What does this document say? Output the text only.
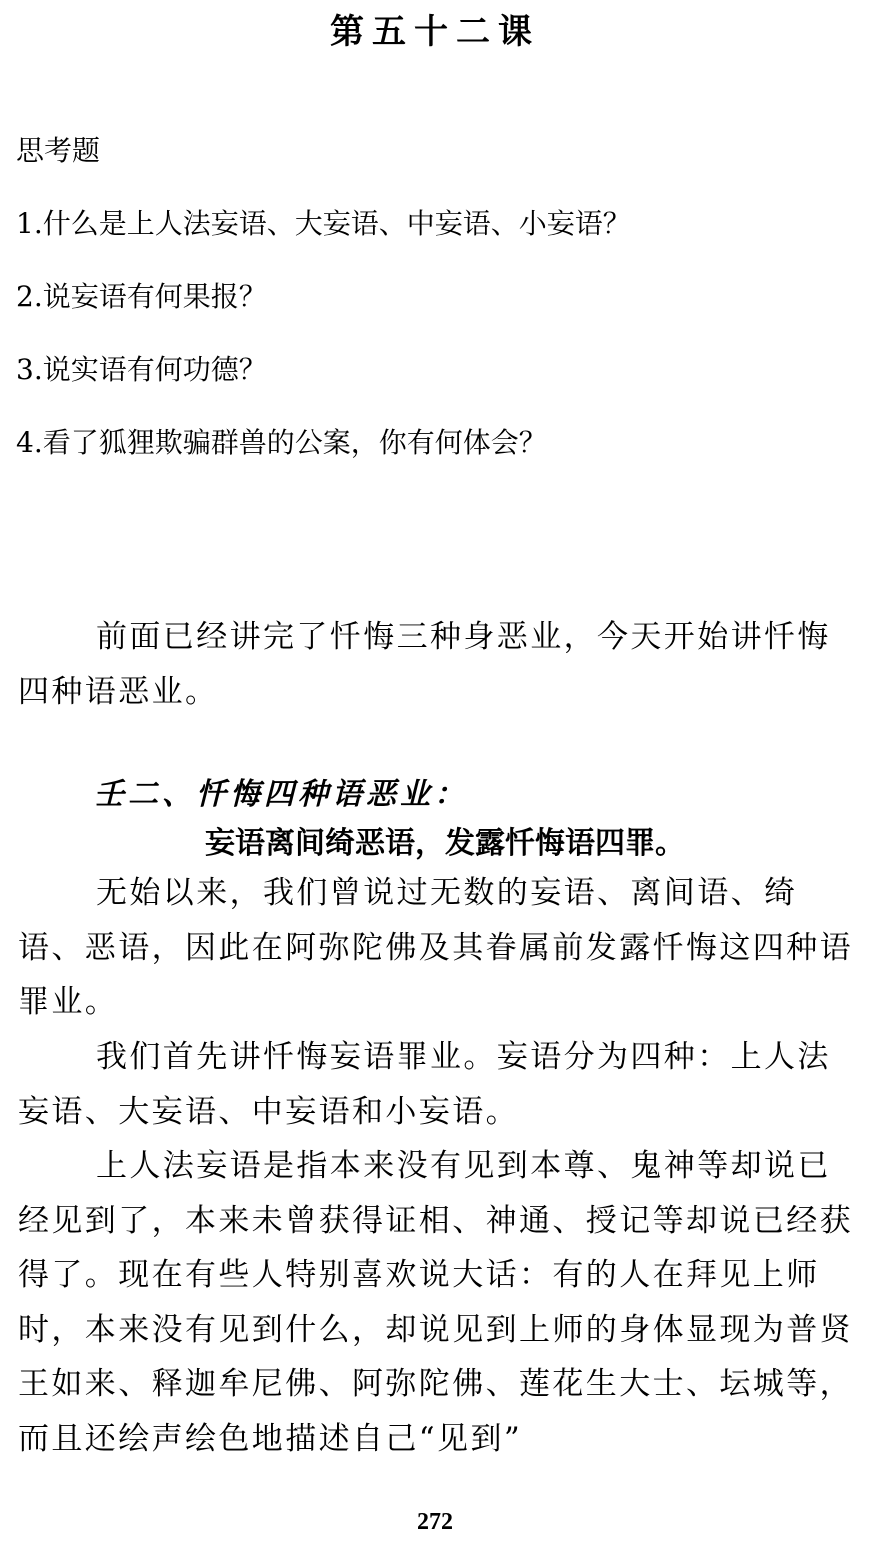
第五十二课

思考题

1.什么是上人法妄语、大妄语、中妄语、小妄语？

2.说妄语有何果报？

3.说实语有何功德？

4.看了狐狸欺骗群兽的公案，你有何体会？

前面已经讲完了忏悔三种身恶业，今天开始讲忏悔四种语恶业。

壬二、忏悔四种语恶业：

妄语离间绮恶语，发露忏悔语四罪。

无始以来，我们曾说过无数的妄语、离间语、绮语、恶语，因此在阿弥陀佛及其眷属前发露忏悔这四种语罪业。

我们首先讲忏悔妄语罪业。妄语分为四种：上人法妄语、大妄语、中妄语和小妄语。

上人法妄语是指本来没有见到本尊、鬼神等却说已经见到了，本来未曾获得证相、神通、授记等却说已经获得了。现在有些人特别喜欢说大话：有的人在拜见上师时，本来没有见到什么，却说见到上师的身体显现为普贤王如来、释迦牟尼佛、阿弥陀佛、莲花生大士、坛城等，而且还绘声绘色地描述自己“见到”

272
